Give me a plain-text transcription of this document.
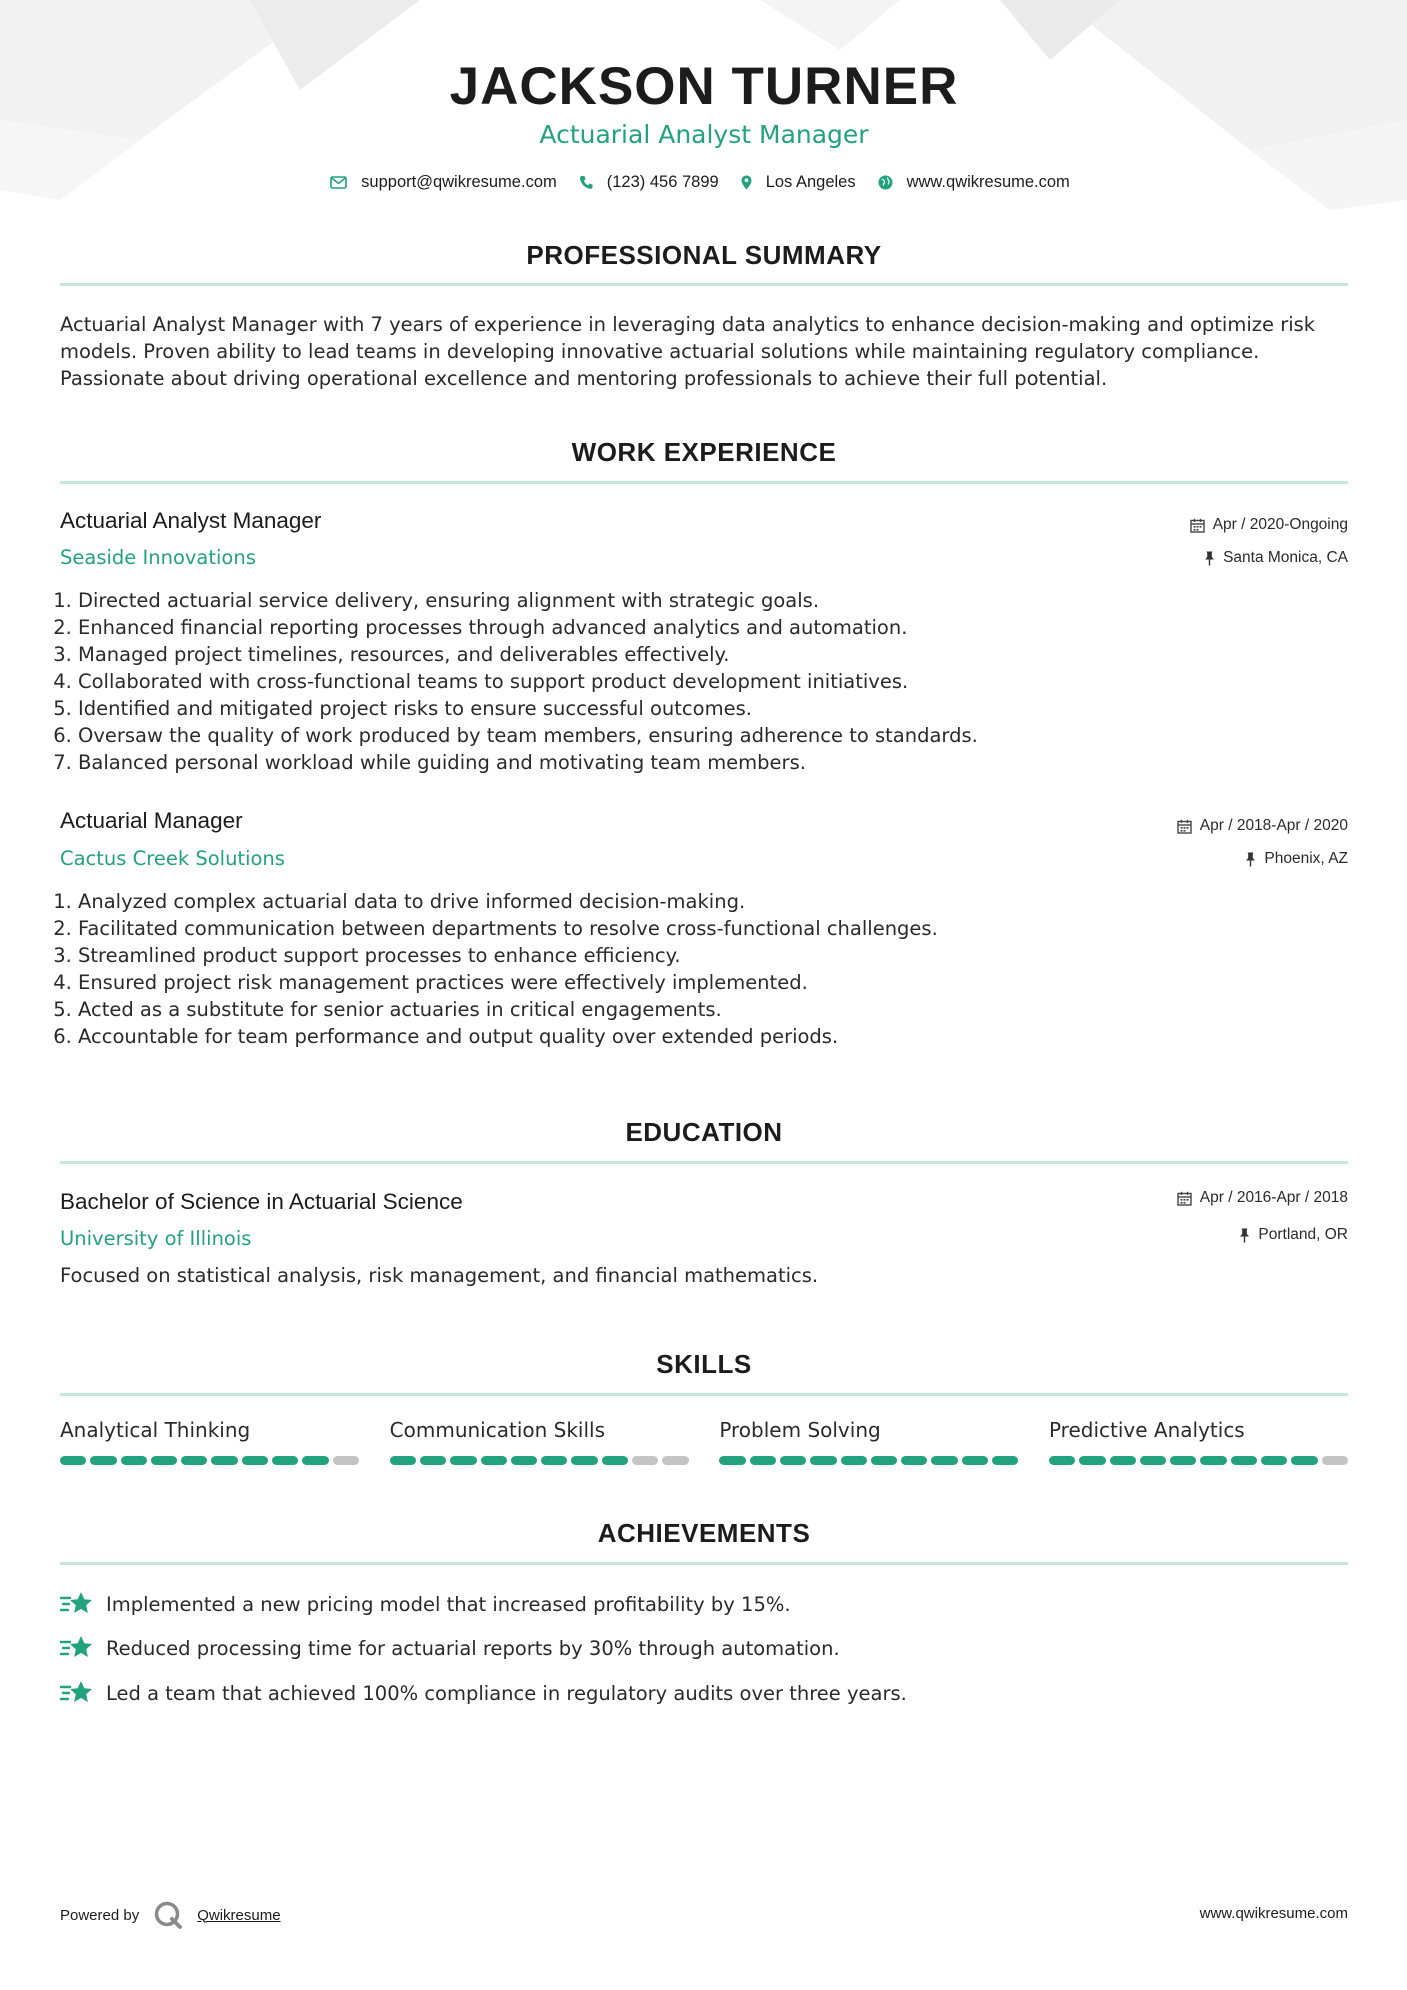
JACKSON TURNER
Actuarial Analyst Manager
support@qwikresume.com	(123) 456 7899	Los Angeles	www.qwikresume.com
PROFESSIONAL SUMMARY

Actuarial Analyst Manager with 7 years of experience in leveraging data analytics to enhance decision-making and optimize risk models. Proven ability to lead teams in developing innovative actuarial solutions while maintaining regulatory compliance. Passionate about driving operational excellence and mentoring professionals to achieve their full potential.

WORK EXPERIENCE
Actuarial Analyst Manager	Apr / 2020-Ongoing
Seaside Innovations	Santa Monica, CA
1. Directed actuarial service delivery, ensuring alignment with strategic goals.
2. Enhanced financial reporting processes through advanced analytics and automation.
3. Managed project timelines, resources, and deliverables effectively.
4. Collaborated with cross-functional teams to support product development initiatives.
5. Identified and mitigated project risks to ensure successful outcomes.
6. Oversaw the quality of work produced by team members, ensuring adherence to standards.
7. Balanced personal workload while guiding and motivating team members.
Actuarial Manager	Apr / 2018-Apr / 2020
Cactus Creek Solutions	Phoenix, AZ
1. Analyzed complex actuarial data to drive informed decision-making.
2. Facilitated communication between departments to resolve cross-functional challenges.
3. Streamlined product support processes to enhance efficiency.
4. Ensured project risk management practices were effectively implemented.
5. Acted as a substitute for senior actuaries in critical engagements.
6. Accountable for team performance and output quality over extended periods.
EDUCATION
Bachelor of Science in Actuarial Science	Apr / 2016-Apr / 2018
University of Illinois	Portland, OR

Focused on statistical analysis, risk management, and financial mathematics.

SKILLS
Analytical Thinking	Communication Skills	Problem Solving	Predictive Analytics
ACHIEVEMENTS
Implemented a new pricing model that increased profitability by 15%.
Reduced processing time for actuarial reports by 30% through automation.
Led a team that achieved 100% compliance in regulatory audits over three years.
Powered by	Qwikresume	www.qwikresume.com
